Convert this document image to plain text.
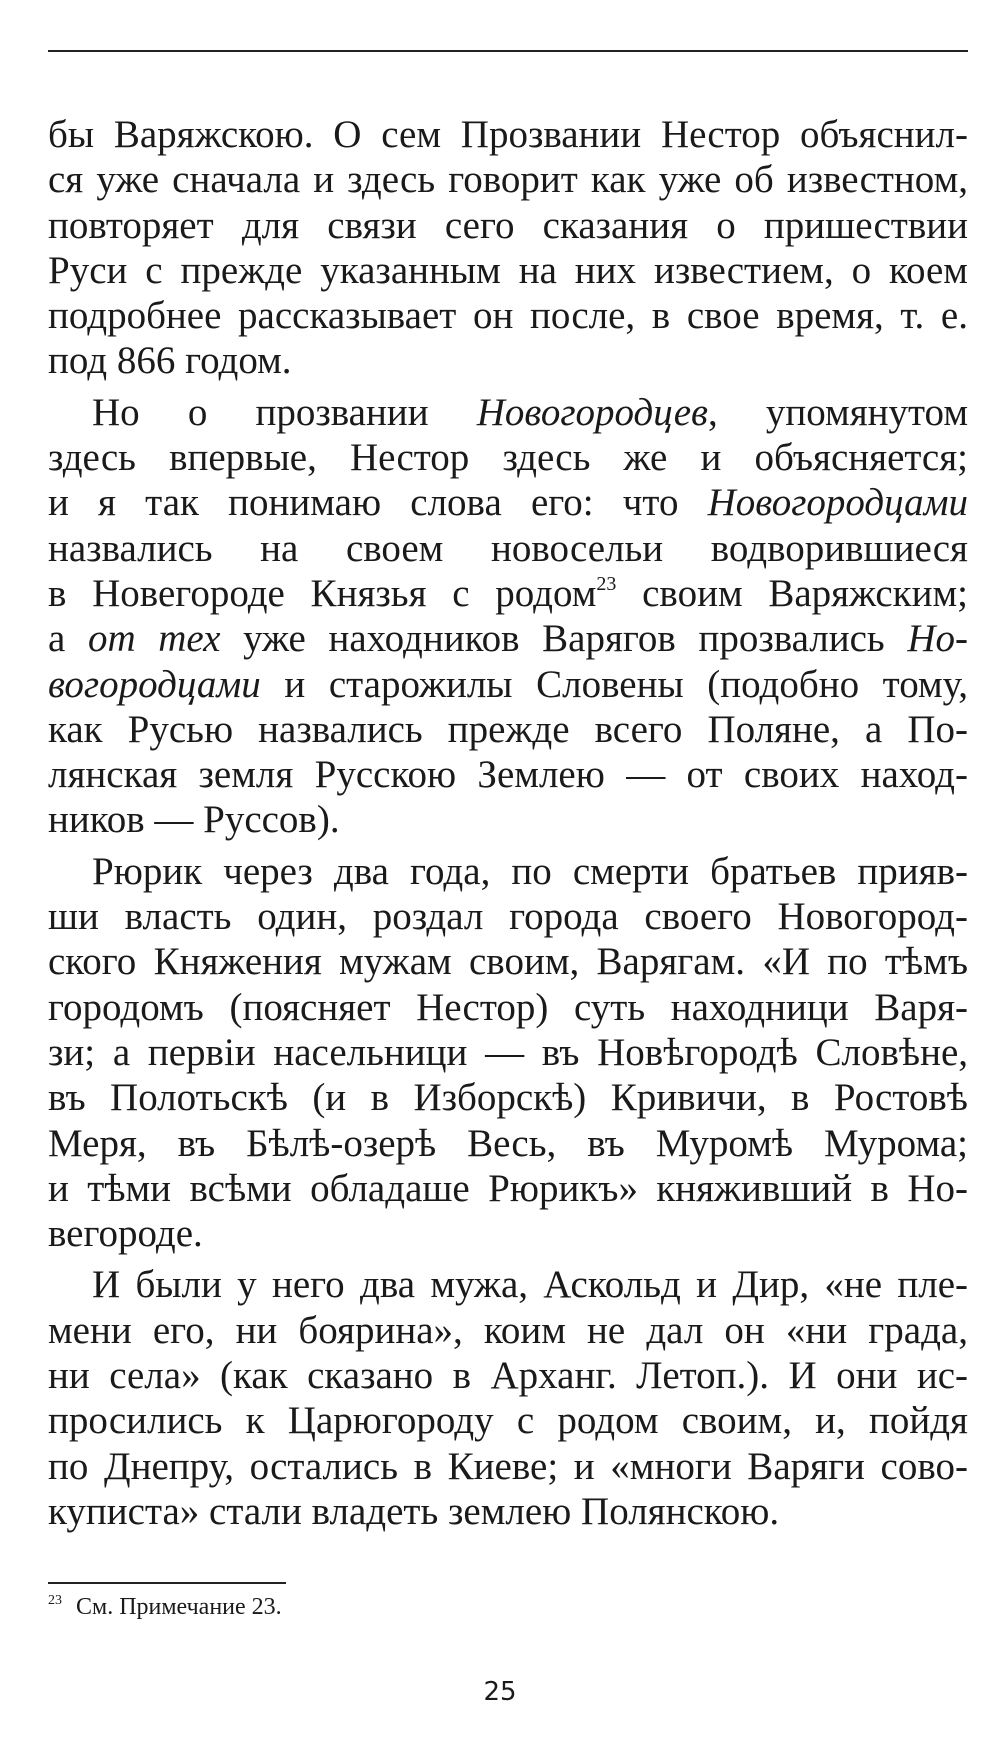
бы Варяжскою. О сем Прозвании Нестор объяснил-
ся уже сначала и здесь говорит как уже об известном,
повторяет для связи сего сказания о пришествии
Руси с прежде указанным на них известием, о коем
подробнее рассказывает он после, в свое время, т. е.
под 866 годом.

Но о прозвании Новогородцев, упомянутом
здесь впервые, Нестор здесь же и объясняется;
и я так понимаю слова его: что Новогородцами
назвались на своем новосельи водворившиеся
в Новегороде Князья с родом$^{23}$ своим Варяжским;
а от тех уже находников Варягов прозвались Но-
вогородцами и старожилы Словены (подобно тому,
как Русью назвались прежде всего Поляне, а По-
лянская земля Русскою Землею — от своих наход-
ников — Руссов).

Рюрик через два года, по смерти братьев прияв-
ши власть один, роздал города своего Новогород-
ского Княжения мужам своим, Варягам. «И по тѣмъ
городомъ (поясняет Нестор) суть находници Варя-
зи; а первiи насельници — въ Новѣгородѣ Словѣне,
въ Полотьскѣ (и в Изборскѣ) Кривичи, в Ростовѣ
Меря, въ Бѣлѣ-озерѣ Весь, въ Муромѣ Мурома;
и тѣми всѣми обладаше Рюрикъ» княживший в Но-
вегороде.

И были у него два мужа, Аскольд и Дир, «не пле-
мени его, ни боярина», коим не дал он «ни града,
ни села» (как сказано в Арханг. Летоп.). И они ис-
просились к Царюгороду с родом своим, и, пойдя
по Днепру, остались в Киеве; и «многи Варяги сово-
куписта» стали владеть землею Полянскою.

$^{23}$ См. Примечание 23.
25
